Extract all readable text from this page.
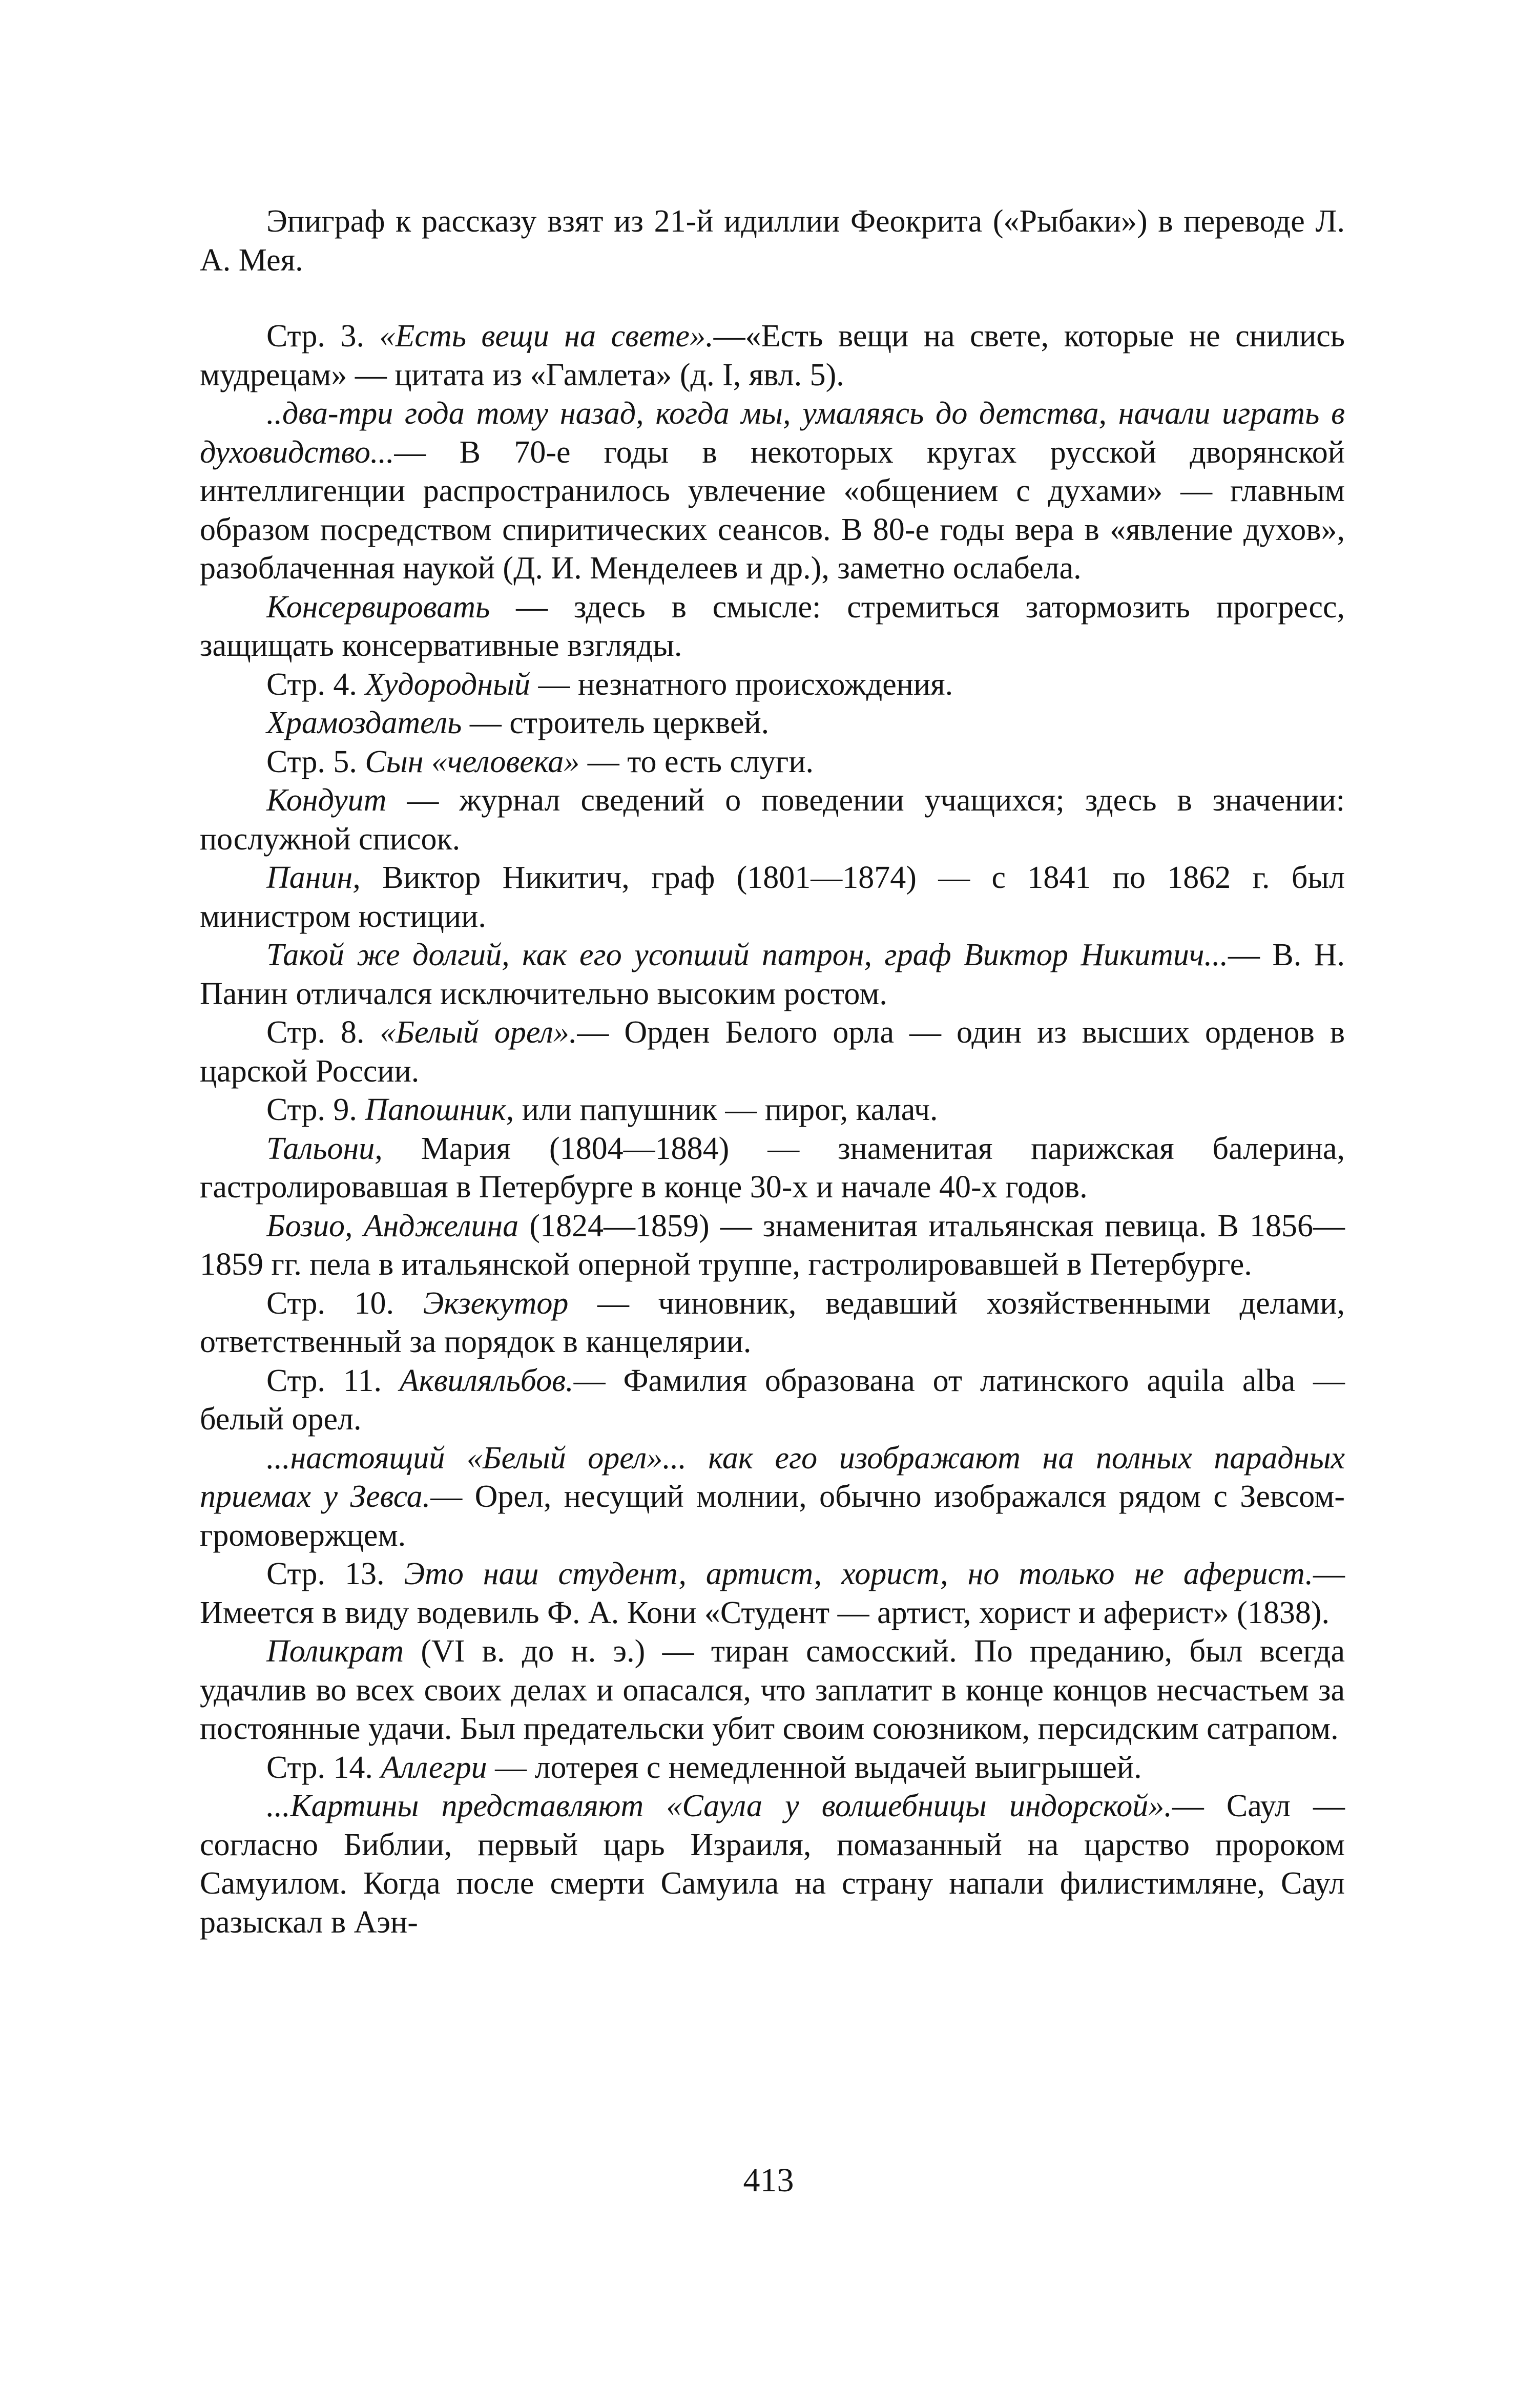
Эпиграф к рассказу взят из 21-й идиллии Феокрита («Рыбаки») в переводе Л. А. Мея.

Стр. 3. «Есть вещи на свете».—«Есть вещи на свете, которые не снились мудрецам» — цитата из «Гамлета» (д. I, явл. 5).

..два-три года тому назад, когда мы, умаляясь до детства, начали играть в духовидство...— В 70-е годы в некоторых кругах русской дворянской интеллигенции распространилось увлечение «общением с духами» — главным образом посредством спиритических сеансов. В 80-е годы вера в «явление духов», разоблаченная наукой (Д. И. Менделеев и др.), заметно ослабела.

Консервировать — здесь в смысле: стремиться затормозить прогресс, защищать консервативные взгляды.

Стр. 4. Худородный — незнатного происхождения.

Храмоздатель — строитель церквей.

Стр. 5. Сын «человека» — то есть слуги.

Кондуит — журнал сведений о поведении учащихся; здесь в значении: послужной список.

Панин, Виктор Никитич, граф (1801—1874) — с 1841 по 1862 г. был министром юстиции.

Такой же долгий, как его усопший патрон, граф Виктор Никитич...— В. Н. Панин отличался исключительно высоким ростом.

Стр. 8. «Белый орел».— Орден Белого орла — один из высших орденов в царской России.

Стр. 9. Папошник, или папушник — пирог, калач.

Тальони, Мария (1804—1884) — знаменитая парижская балерина, гастролировавшая в Петербурге в конце 30-х и начале 40-х годов.

Бозио, Анджелина (1824—1859) — знаменитая итальянская певица. В 1856—1859 гг. пела в итальянской оперной труппе, гастролировавшей в Петербурге.

Стр. 10. Экзекутор — чиновник, ведавший хозяйственными делами, ответственный за порядок в канцелярии.

Стр. 11. Аквиляльбов.— Фамилия образована от латинского aquila alba — белый орел.

...настоящий «Белый орел»... как его изображают на полных парадных приемах у Зевса.— Орел, несущий молнии, обычно изображался рядом с Зевсом-громовержцем.

Стр. 13. Это наш студент, артист, хорист, но только не аферист.— Имеется в виду водевиль Ф. А. Кони «Студент — артист, хорист и аферист» (1838).

Поликрат (VI в. до н. э.) — тиран самосский. По преданию, был всегда удачлив во всех своих делах и опасался, что заплатит в конце концов несчастьем за постоянные удачи. Был предательски убит своим союзником, персидским сатрапом.

Стр. 14. Аллегри — лотерея с немедленной выдачей выигрышей.

...Картины представляют «Саула у волшебницы индорской».— Саул — согласно Библии, первый царь Израиля, помазанный на царство пророком Самуилом. Когда после смерти Самуила на страну напали филистимляне, Саул разыскал в Аэн-

413
